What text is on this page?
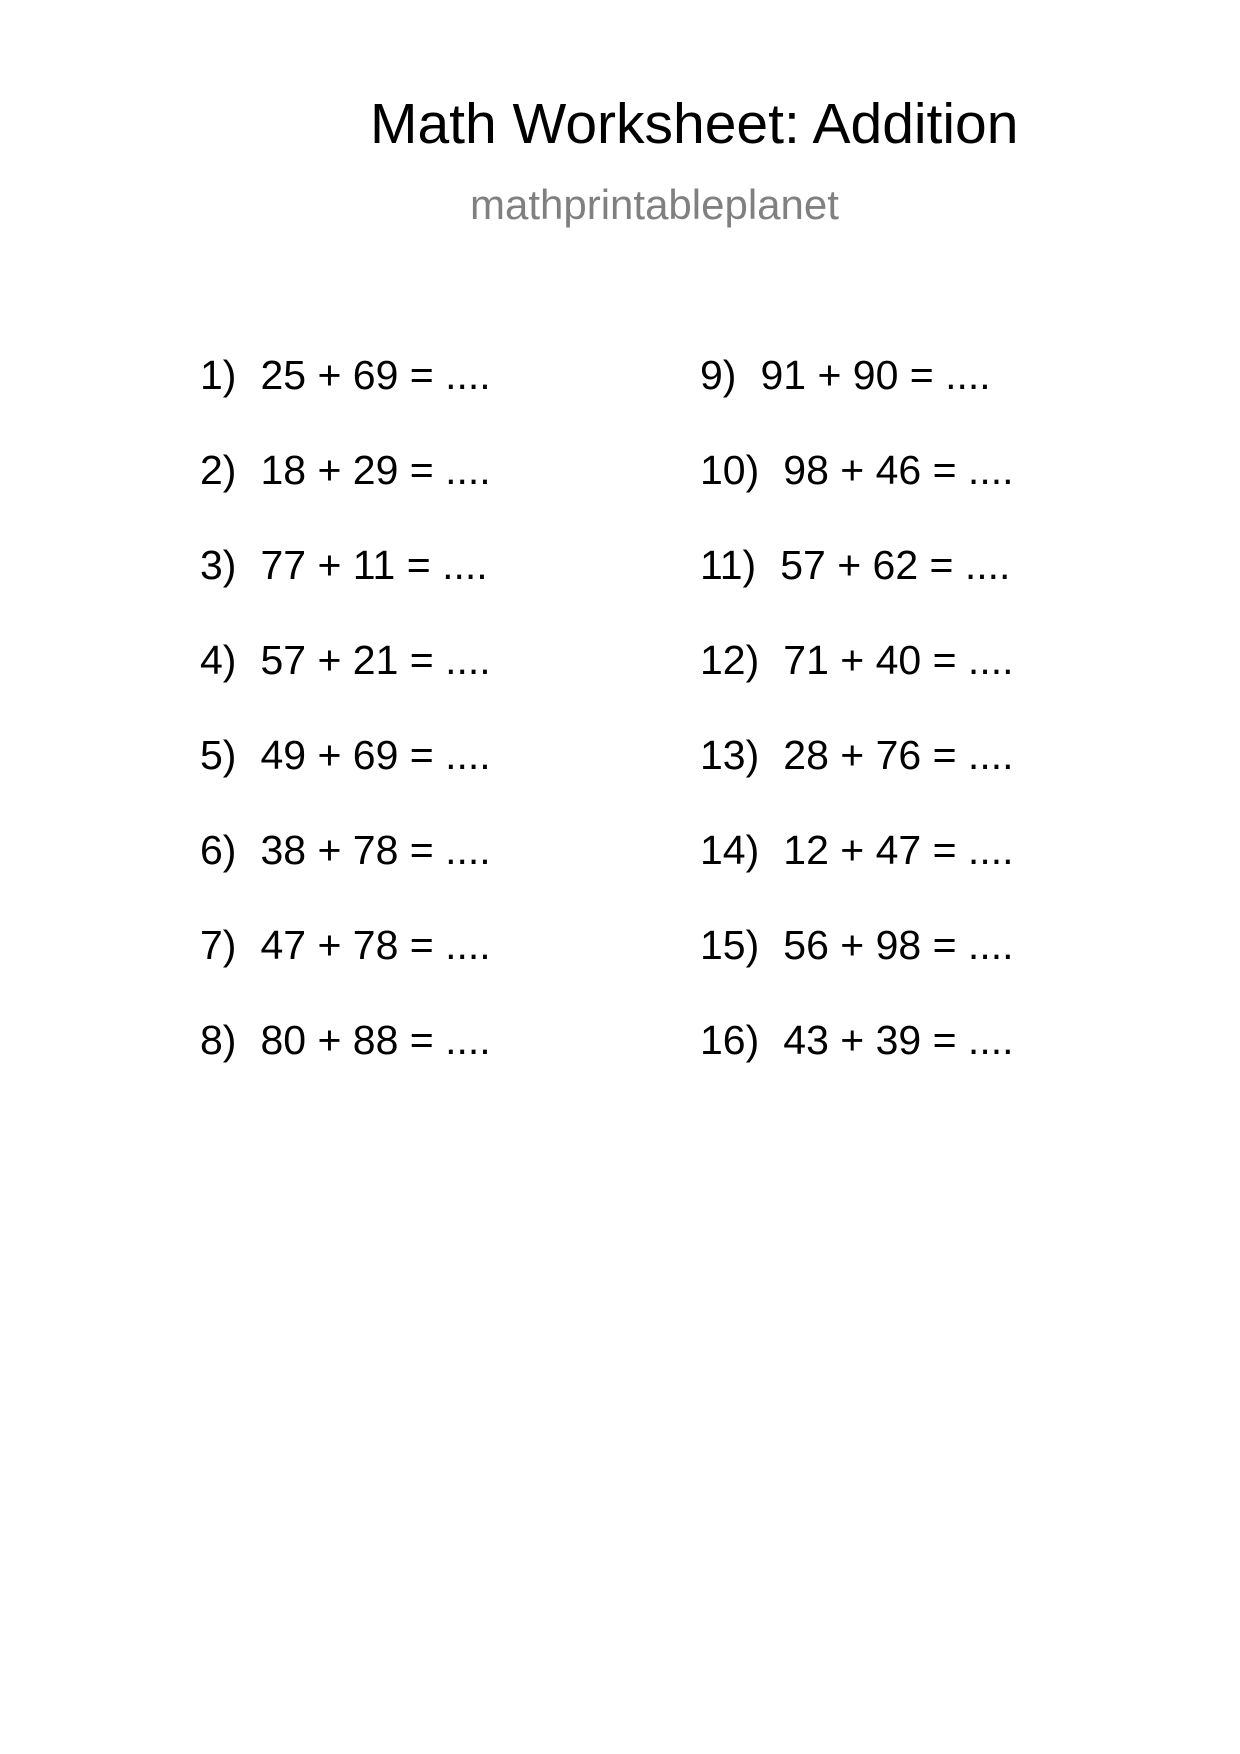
Math Worksheet: Addition
mathprintableplanet
1) 25 + 69 = ....
2) 18 + 29 = ....
3) 77 + 11 = ....
4) 57 + 21 = ....
5) 49 + 69 = ....
6) 38 + 78 = ....
7) 47 + 78 = ....
8) 80 + 88 = ....
9) 91 + 90 = ....
10) 98 + 46 = ....
11) 57 + 62 = ....
12) 71 + 40 = ....
13) 28 + 76 = ....
14) 12 + 47 = ....
15) 56 + 98 = ....
16) 43 + 39 = ....
